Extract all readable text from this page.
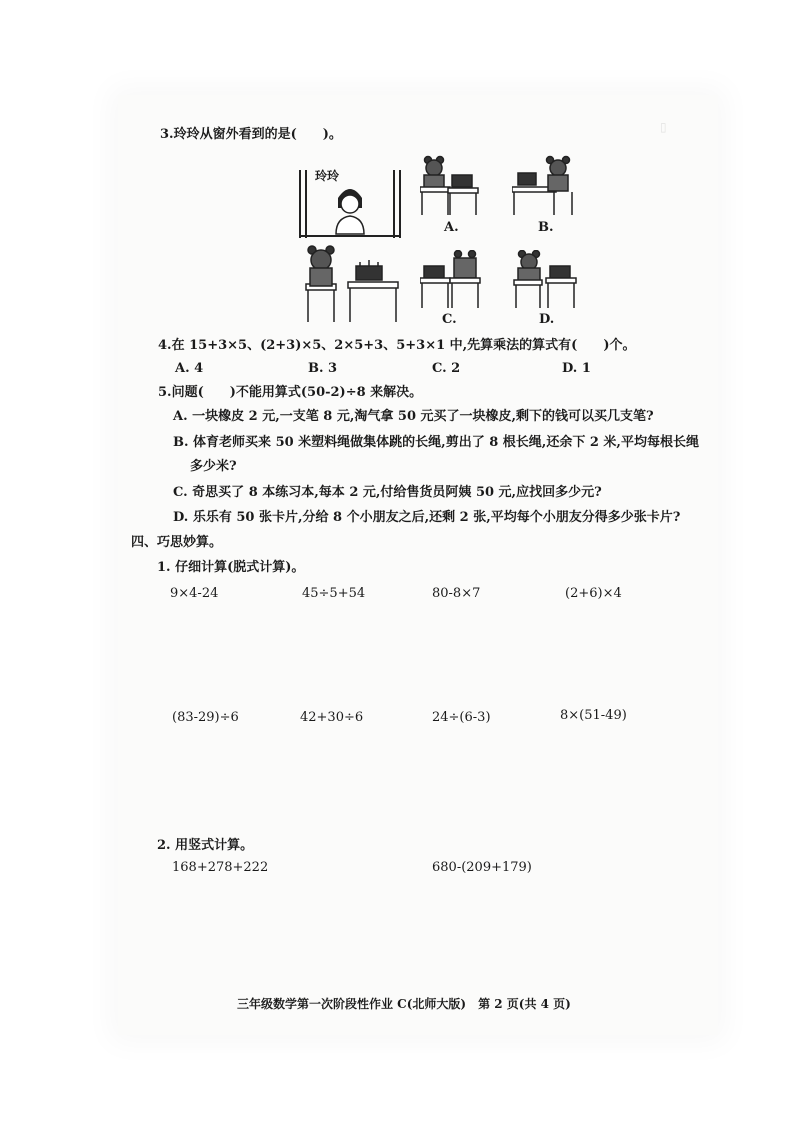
▯
3.玲玲从窗外看到的是(　　)。
玲玲
A.	B.
C.	D.
4.在 15+3×5、(2+3)×5、2×5+3、5+3×1 中,先算乘法的算式有(　　)个。
A. 4	B. 3	C. 2	D. 1
5.问题(　　)不能用算式(50-2)÷8 来解决。
A. 一块橡皮 2 元,一支笔 8 元,淘气拿 50 元买了一块橡皮,剩下的钱可以买几支笔?
B. 体育老师买来 50 米塑料绳做集体跳的长绳,剪出了 8 根长绳,还余下 2 米,平均每根长绳
多少米?
C. 奇思买了 8 本练习本,每本 2 元,付给售货员阿姨 50 元,应找回多少元?
D. 乐乐有 50 张卡片,分给 8 个小朋友之后,还剩 2 张,平均每个小朋友分得多少张卡片?
四、巧思妙算。
1. 仔细计算(脱式计算)。
9×4-24	45÷5+54	80-8×7	(2+6)×4
(83-29)÷6	42+30÷6	24÷(6-3)	8×(51-49)
2. 用竖式计算。
168+278+222	680-(209+179)
三年级数学第一次阶段性作业 C(北师大版)　第 2 页(共 4 页)
